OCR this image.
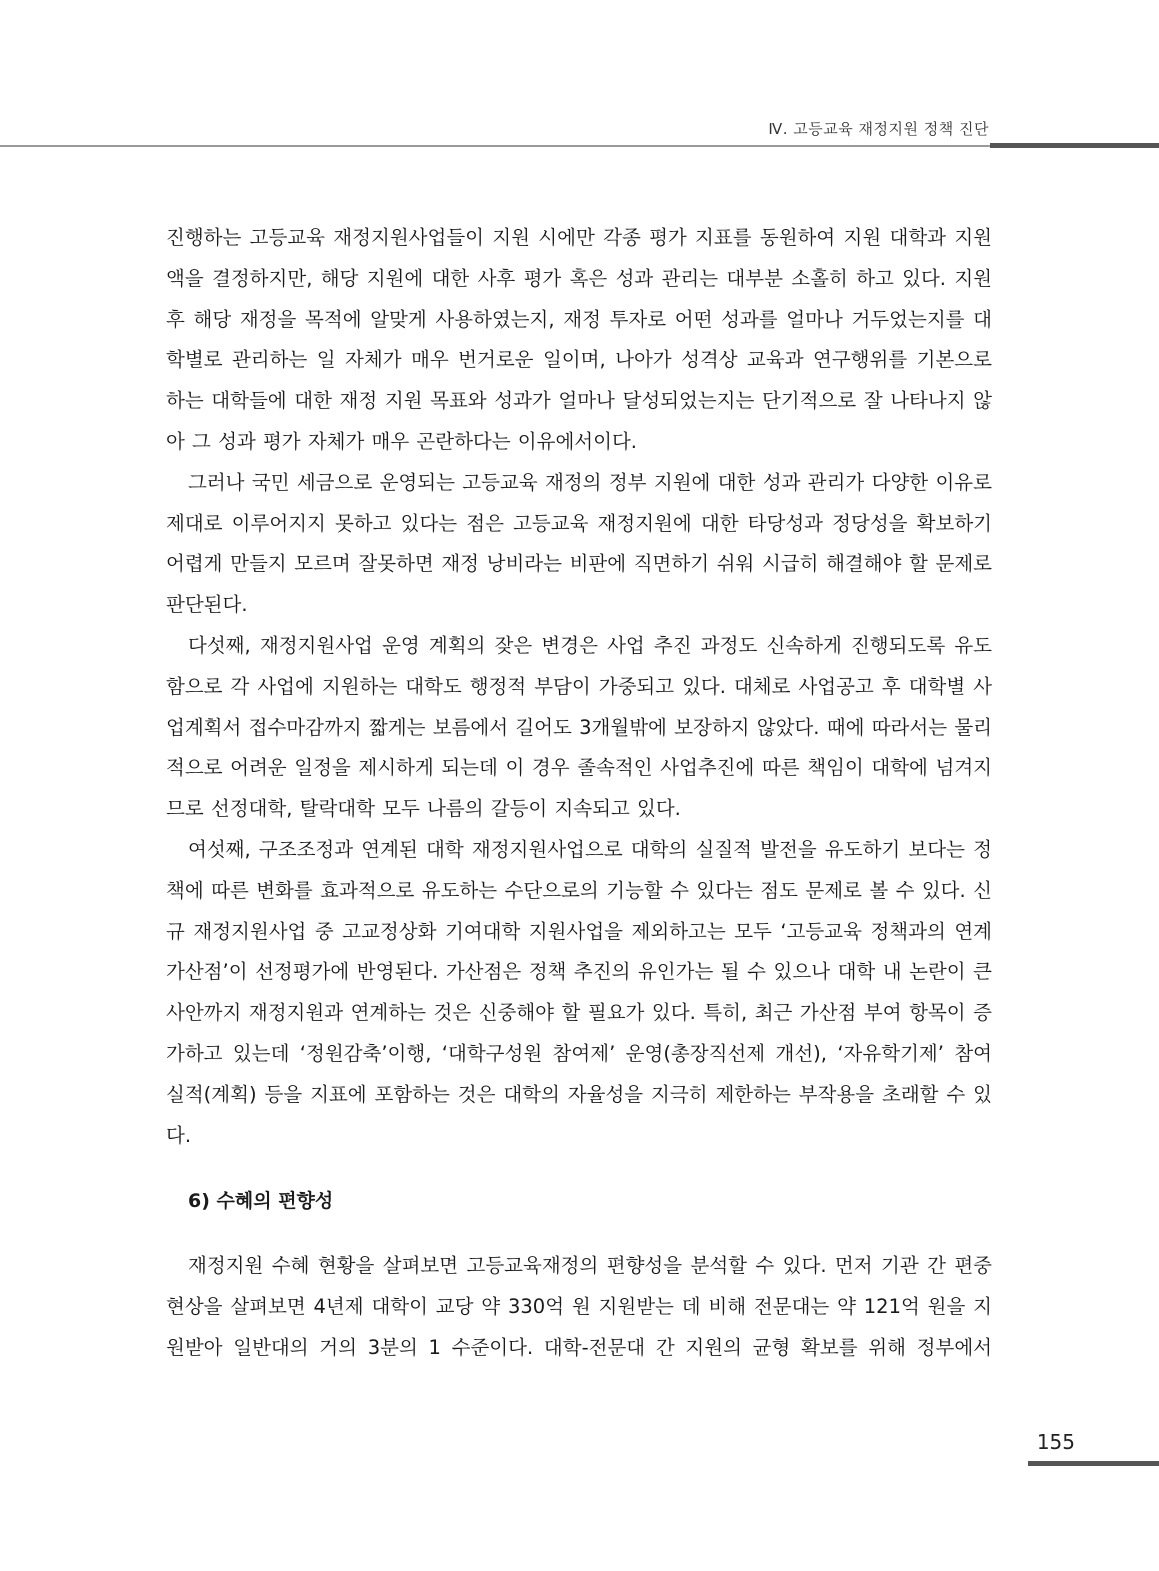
Ⅳ. 고등교육 재정지원 정책 진단

진행하는 고등교육 재정지원사업들이 지원 시에만 각종 평가 지표를 동원하여 지원 대학과 지원 액을 결정하지만, 해당 지원에 대한 사후 평가 혹은 성과 관리는 대부분 소홀히 하고 있다. 지원 후 해당 재정을 목적에 알맞게 사용하였는지, 재정 투자로 어떤 성과를 얼마나 거두었는지를 대학별로 관리하는 일 자체가 매우 번거로운 일이며, 나아가 성격상 교육과 연구행위를 기본으로 하는 대학들에 대한 재정 지원 목표와 성과가 얼마나 달성되었는지는 단기적으로 잘 나타나지 않아 그 성과 평가 자체가 매우 곤란하다는 이유에서이다.

그러나 국민 세금으로 운영되는 고등교육 재정의 정부 지원에 대한 성과 관리가 다양한 이유로 제대로 이루어지지 못하고 있다는 점은 고등교육 재정지원에 대한 타당성과 정당성을 확보하기 어렵게 만들지 모르며 잘못하면 재정 낭비라는 비판에 직면하기 쉬워 시급히 해결해야 할 문제로 판단된다.

다섯째, 재정지원사업 운영 계획의 잦은 변경은 사업 추진 과정도 신속하게 진행되도록 유도 함으로 각 사업에 지원하는 대학도 행정적 부담이 가중되고 있다. 대체로 사업공고 후 대학별 사업계획서 접수마감까지 짧게는 보름에서 길어도 3개월밖에 보장하지 않았다. 때에 따라서는 물리적으로 어려운 일정을 제시하게 되는데 이 경우 졸속적인 사업추진에 따른 책임이 대학에 넘겨지므로 선정대학, 탈락대학 모두 나름의 갈등이 지속되고 있다.

여섯째, 구조조정과 연계된 대학 재정지원사업으로 대학의 실질적 발전을 유도하기 보다는 정책에 따른 변화를 효과적으로 유도하는 수단으로의 기능할 수 있다는 점도 문제로 볼 수 있다. 신규 재정지원사업 중 고교정상화 기여대학 지원사업을 제외하고는 모두 ‘고등교육 정책과의 연계 가산점’이 선정평가에 반영된다. 가산점은 정책 추진의 유인가는 될 수 있으나 대학 내 논란이 큰 사안까지 재정지원과 연계하는 것은 신중해야 할 필요가 있다. 특히, 최근 가산점 부여 항목이 증가하고 있는데 ‘정원감축’이행, ‘대학구성원 참여제’ 운영(총장직선제 개선), ‘자유학기제’ 참여 실적(계획) 등을 지표에 포함하는 것은 대학의 자율성을 지극히 제한하는 부작용을 초래할 수 있다.

6) 수혜의 편향성

재정지원 수혜 현황을 살펴보면 고등교육재정의 편향성을 분석할 수 있다. 먼저 기관 간 편중 현상을 살펴보면 4년제 대학이 교당 약 330억 원 지원받는 데 비해 전문대는 약 121억 원을 지원받아 일반대의 거의 3분의 1 수준이다. 대학-전문대 간 지원의 균형 확보를 위해 정부에서

155
